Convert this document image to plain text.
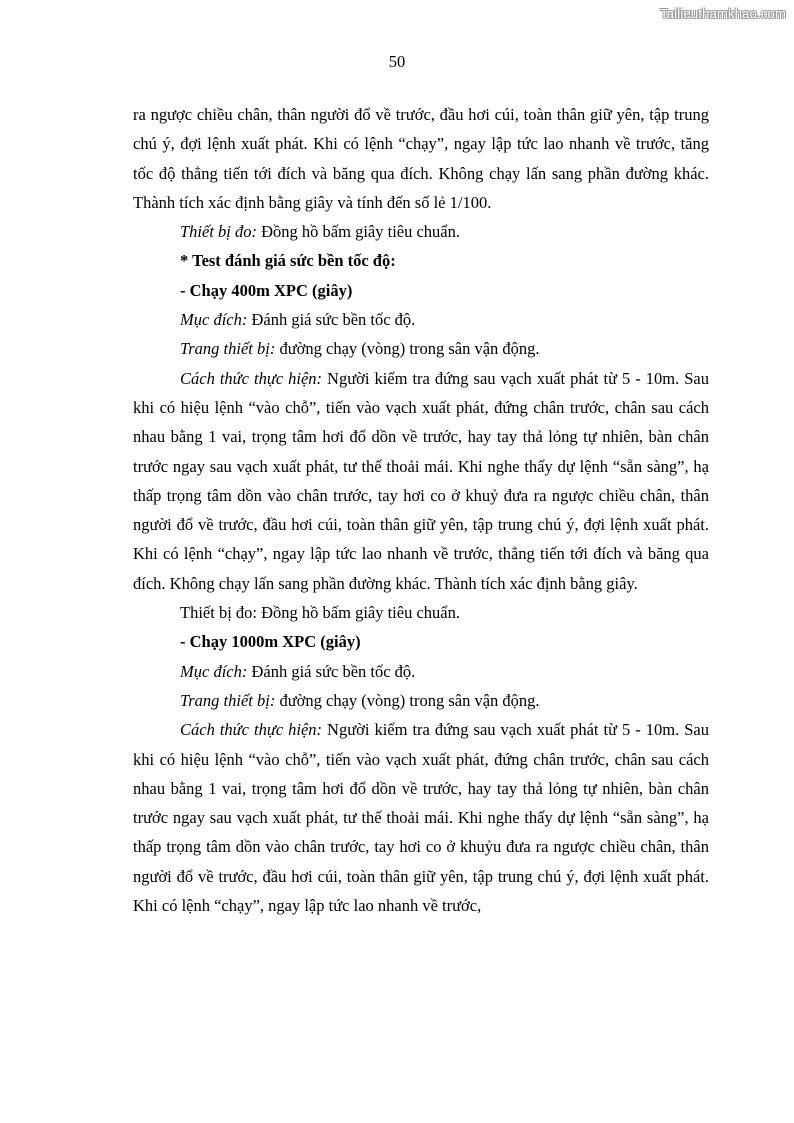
Tailieuthamkhao.com
50

ra ngược chiều chân, thân người đổ về trước, đầu hơi cúi, toàn thân giữ yên, tập trung chú ý, đợi lệnh xuất phát. Khi có lệnh “chạy”, ngay lập tức lao nhanh về trước, tăng tốc độ thẳng tiến tới đích và băng qua đích. Không chạy lấn sang phần đường khác. Thành tích xác định bằng giây và tính đến số lẻ 1/100.

Thiết bị đo: Đồng hồ bấm giây tiêu chuẩn.

* Test đánh giá sức bền tốc độ:

- Chạy 400m XPC (giây)

Mục đích: Đánh giá sức bền tốc độ.

Trang thiết bị: đường chạy (vòng) trong sân vận động.

Cách thức thực hiện: Người kiểm tra đứng sau vạch xuất phát từ 5 - 10m. Sau khi có hiệu lệnh “vào chỗ”, tiến vào vạch xuất phát, đứng chân trước, chân sau cách nhau bằng 1 vai, trọng tâm hơi đổ dồn về trước, hay tay thả lỏng tự nhiên, bàn chân trước ngay sau vạch xuất phát, tư thế thoải mái. Khi nghe thấy dự lệnh “sẵn sàng”, hạ thấp trọng tâm dồn vào chân trước, tay hơi co ở khuỷ đưa ra ngược chiều chân, thân người đổ về trước, đầu hơi cúi, toàn thân giữ yên, tập trung chú ý, đợi lệnh xuất phát. Khi có lệnh “chạy”, ngay lập tức lao nhanh về trước, thẳng tiến tới đích và băng qua đích. Không chạy lấn sang phần đường khác. Thành tích xác định bằng giây.

Thiết bị đo: Đồng hồ bấm giây tiêu chuẩn.

- Chạy 1000m XPC (giây)

Mục đích: Đánh giá sức bền tốc độ.

Trang thiết bị: đường chạy (vòng) trong sân vận động.

Cách thức thực hiện: Người kiểm tra đứng sau vạch xuất phát từ 5 - 10m. Sau khi có hiệu lệnh “vào chỗ”, tiến vào vạch xuất phát, đứng chân trước, chân sau cách nhau bằng 1 vai, trọng tâm hơi đổ dồn về trước, hay tay thả lỏng tự nhiên, bàn chân trước ngay sau vạch xuất phát, tư thế thoải mái. Khi nghe thấy dự lệnh “sẵn sàng”, hạ thấp trọng tâm dồn vào chân trước, tay hơi co ở khuỷu đưa ra ngược chiều chân, thân người đổ về trước, đầu hơi cúi, toàn thân giữ yên, tập trung chú ý, đợi lệnh xuất phát. Khi có lệnh “chạy”, ngay lập tức lao nhanh về trước,
